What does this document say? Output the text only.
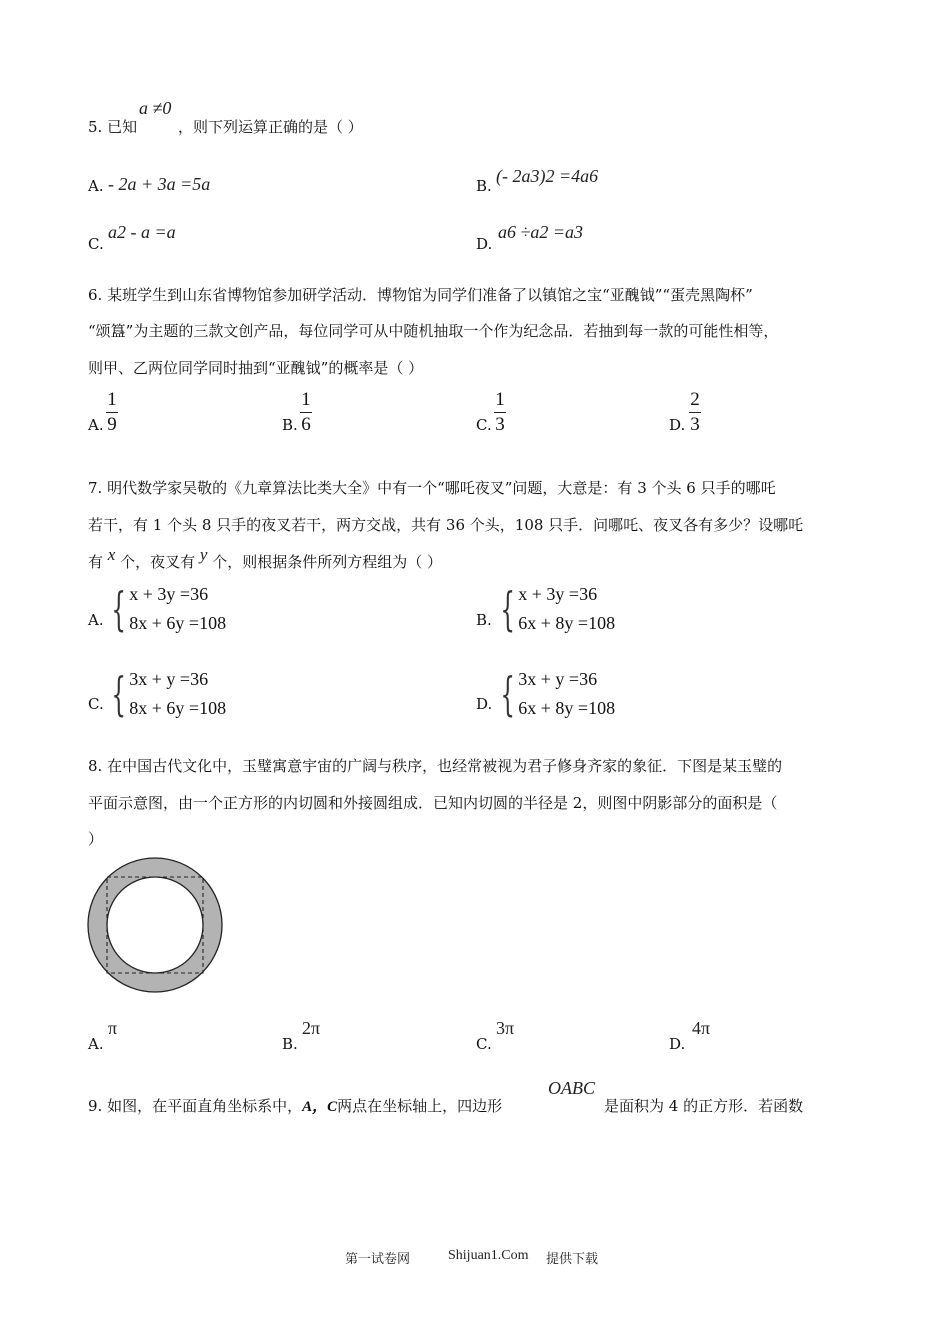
5. 已知
a ≠0
，则下列运算正确的是（ ）
A. - 2a + 3a =5a	B. (- 2a3)2 =4a6
C.
a2 - a =a
D.
a6 ÷a2 =a3
6. 某班学生到山东省博物馆参加研学活动．博物馆为同学们准备了以镇馆之宝“亚醜钺”“蛋壳黑陶杯”
“颂簋”为主题的三款文创产品，每位同学可从中随机抽取一个作为纪念品．若抽到每一款的可能性相等，
则甲、乙两位同学同时抽到“亚醜钺”的概率是（ ）
A.
1
9	B.
1
6	C.
1
3	D.
2
3
7. 明代数学家吴敬的《九章算法比类大全》中有一个“哪吒夜叉”问题，大意是：有 3 个头 6 只手的哪吒
若干，有 1 个头 8 只手的夜叉若干，两方交战，共有 36 个头，108 只手．问哪吒、夜叉各有多少？设哪吒
有 x 个，夜叉有 y 个，则根据条件所列方程组为（ ）
A. { x + 3y =36
8x + 6y =108	B. { x + 3y =36
6x + 8y =108
C. { 3x + y =36
8x + 6y =108	D. { 3x + y =36
6x + 8y =108
8. 在中国古代文化中，玉璧寓意宇宙的广阔与秩序，也经常被视为君子修身齐家的象征．下图是某玉璧的
平面示意图，由一个正方形的内切圆和外接圆组成．已知内切圆的半径是 2，则图中阴影部分的面积是（
）
A.
π
B.
2π
C.
3π
D.
4π
9. 如图，在平面直角坐标系中，A，C两点在坐标轴上，四边形
OABC
是面积为 4 的正方形．若函数
第一试卷网	Shijuan1.Com 提供下载
